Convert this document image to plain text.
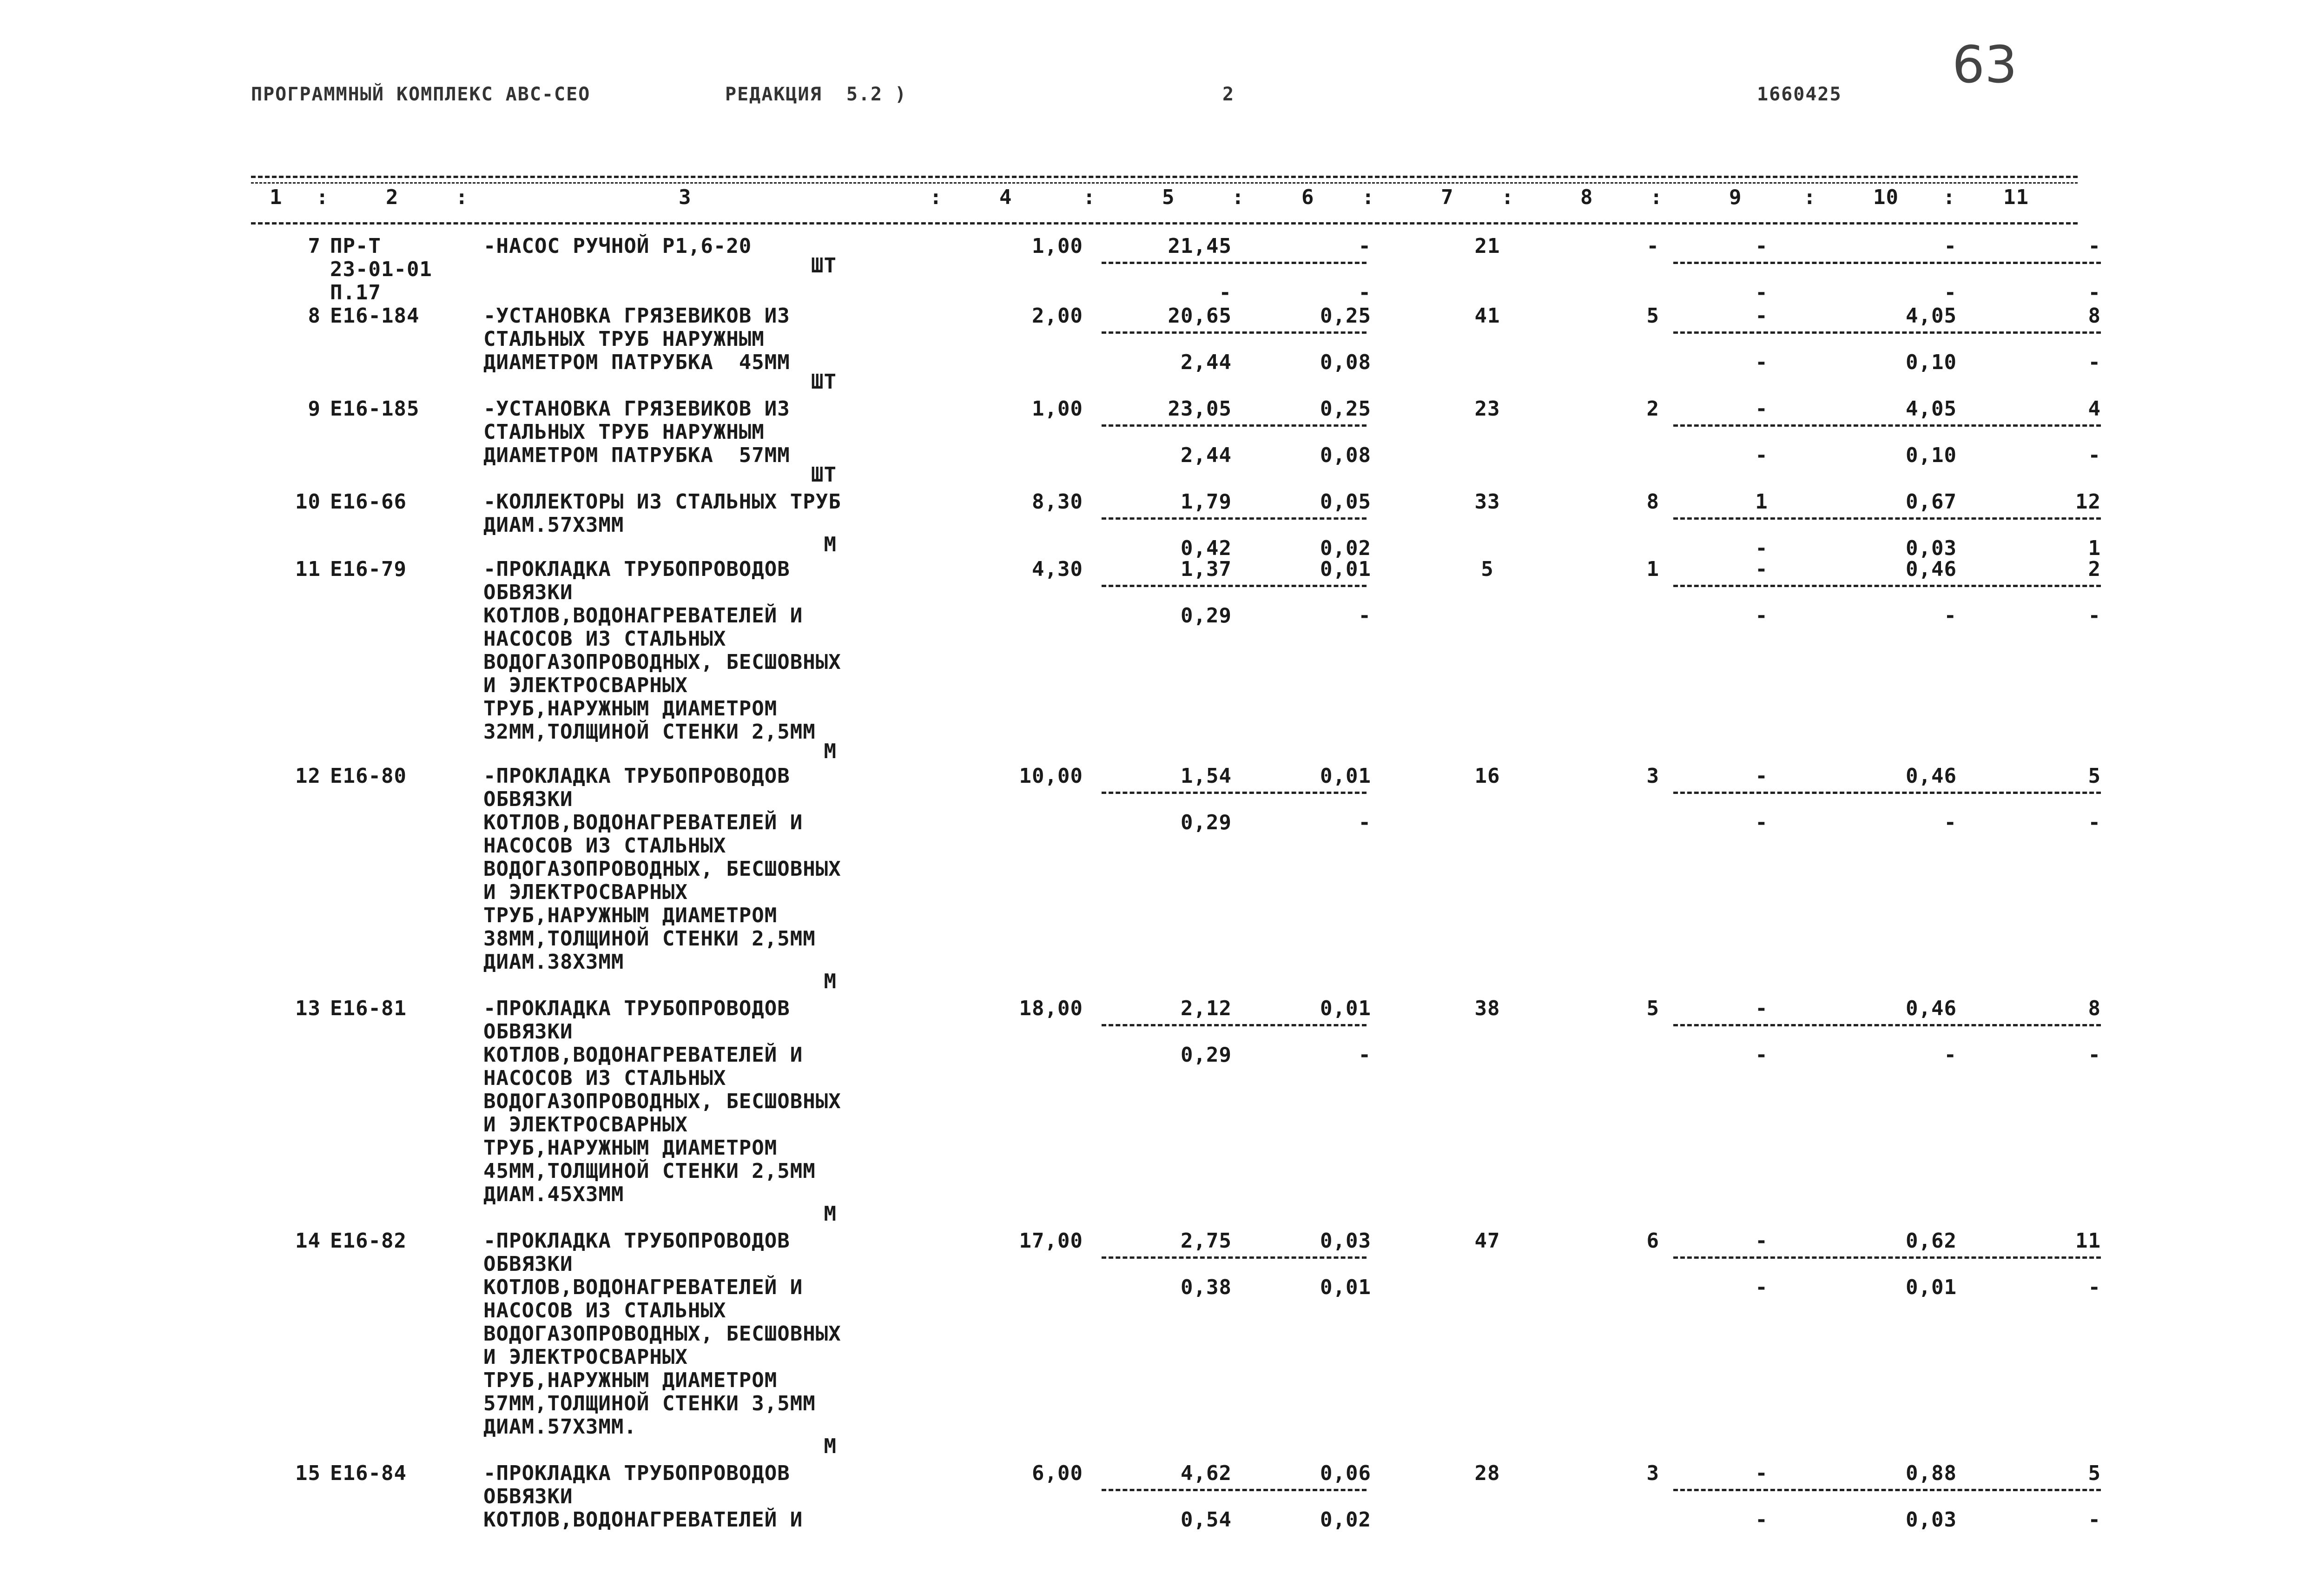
ПРОГРАММНЫЙ КОМПЛЕКС АВС-СЕО	РЕДАКЦИЯ  5.2 )	2	1660425 63
1 :	2	:	3	:	4	:	5	:	6 :	7 :	8	:	9	:	10 : 11
7 ПР-Т
23-01-01
П.17
-НАСОС РУЧНОЙ Р1,6-20
ШТ
1,00	21,45	-	21	-	-	-	-
-	-	-	-	-
8 Е16-184	-УСТАНОВКА ГРЯЗЕВИКОВ ИЗ
СТАЛЬНЫХ ТРУБ НАРУЖНЫМ
ДИАМЕТРОМ ПАТРУБКА  45ММ
ШТ
2,00	20,65	0,25	41	5	-	4,05	8
2,44	0,08	-	0,10	-
9 Е16-185	-УСТАНОВКА ГРЯЗЕВИКОВ ИЗ
СТАЛЬНЫХ ТРУБ НАРУЖНЫМ
ДИАМЕТРОМ ПАТРУБКА  57ММ
ШТ
1,00	23,05	0,25	23	2	-	4,05	4
2,44	0,08	-	0,10	-
10 Е16-66	-КОЛЛЕКТОРЫ ИЗ СТАЛЬНЫХ ТРУБ
ДИАМ.57Х3ММ
М
8,30	1,79	0,05	33	8	1	0,67	12
0,42	0,02	-	0,03	1
11 Е16-79	-ПРОКЛАДКА ТРУБОПРОВОДОВ
ОБВЯЗКИ
КОТЛОВ,ВОДОНАГРЕВАТЕЛЕЙ И
НАСОСОВ ИЗ СТАЛЬНЫХ
ВОДОГАЗОПРОВОДНЫХ, БЕСШОВНЫХ
И ЭЛЕКТРОСВАРНЫХ
ТРУБ,НАРУЖНЫМ ДИАМЕТРОМ
32ММ,ТОЛЩИНОЙ СТЕНКИ 2,5ММ
М
4,30	1,37	0,01	5	1	-	0,46	2
0,29	-	-	-	-
12 Е16-80	-ПРОКЛАДКА ТРУБОПРОВОДОВ
ОБВЯЗКИ
КОТЛОВ,ВОДОНАГРЕВАТЕЛЕЙ И
НАСОСОВ ИЗ СТАЛЬНЫХ
ВОДОГАЗОПРОВОДНЫХ, БЕСШОВНЫХ
И ЭЛЕКТРОСВАРНЫХ
ТРУБ,НАРУЖНЫМ ДИАМЕТРОМ
38ММ,ТОЛЩИНОЙ СТЕНКИ 2,5ММ
ДИАМ.38Х3ММ
М
10,00	1,54	0,01	16	3	-	0,46	5
0,29	-	-	-	-
13 Е16-81	-ПРОКЛАДКА ТРУБОПРОВОДОВ
ОБВЯЗКИ
КОТЛОВ,ВОДОНАГРЕВАТЕЛЕЙ И
НАСОСОВ ИЗ СТАЛЬНЫХ
ВОДОГАЗОПРОВОДНЫХ, БЕСШОВНЫХ
И ЭЛЕКТРОСВАРНЫХ
ТРУБ,НАРУЖНЫМ ДИАМЕТРОМ
45ММ,ТОЛЩИНОЙ СТЕНКИ 2,5ММ
ДИАМ.45Х3ММ
М
18,00	2,12	0,01	38	5	-	0,46	8
0,29	-	-	-	-
14 Е16-82	-ПРОКЛАДКА ТРУБОПРОВОДОВ
ОБВЯЗКИ
КОТЛОВ,ВОДОНАГРЕВАТЕЛЕЙ И
НАСОСОВ ИЗ СТАЛЬНЫХ
ВОДОГАЗОПРОВОДНЫХ, БЕСШОВНЫХ
И ЭЛЕКТРОСВАРНЫХ
ТРУБ,НАРУЖНЫМ ДИАМЕТРОМ
57ММ,ТОЛЩИНОЙ СТЕНКИ 3,5ММ
ДИАМ.57Х3ММ.
М
17,00	2,75	0,03	47	6	-	0,62	11
0,38	0,01	-	0,01	-
15 Е16-84	-ПРОКЛАДКА ТРУБОПРОВОДОВ
ОБВЯЗКИ
КОТЛОВ,ВОДОНАГРЕВАТЕЛЕЙ И
6,00	4,62	0,06	28	3	-	0,88	5
0,54	0,02	-	0,03	-
